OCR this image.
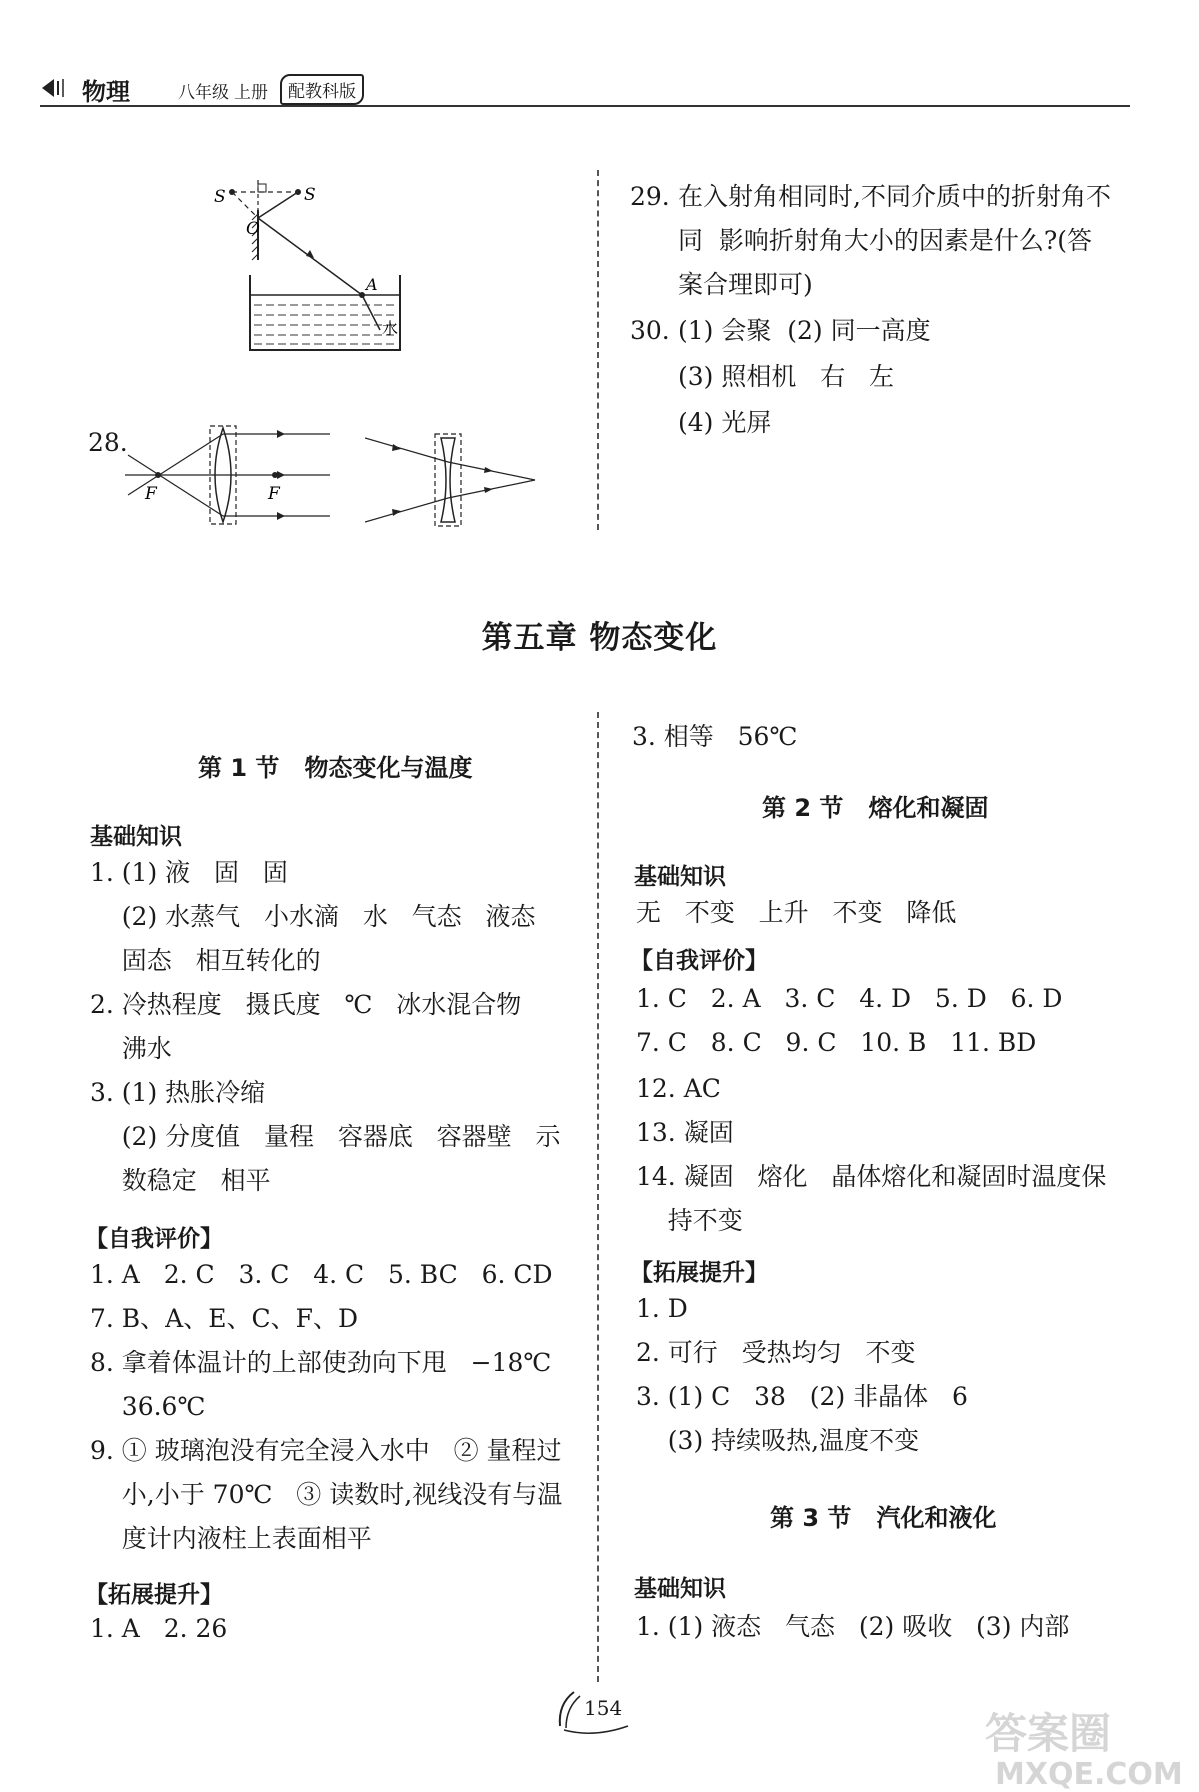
物理	八年级 上册	配教科版
S	S
O
A
水
28.
F	F
29. 在入射角相同时,不同介质中的折射角不
同  影响折射角大小的因素是什么?(答
案合理即可)
30. (1) 会聚  (2) 同一高度
(3) 照相机   右   左
(4) 光屏
第五章 物态变化
第 1 节   物态变化与温度
基础知识
1. (1) 液   固   固
(2) 水蒸气   小水滴   水   气态   液态
固态   相互转化的
2. 冷热程度   摄氏度   ℃   冰水混合物
沸水
3. (1) 热胀冷缩
(2) 分度值   量程   容器底   容器壁   示
数稳定   相平
【自我评价】
1. A   2. C   3. C   4. C   5. BC   6. CD
7. B、A、E、C、F、D
8. 拿着体温计的上部使劲向下甩   −18℃
36.6℃
9. ① 玻璃泡没有完全浸入水中   ② 量程过
小,小于 70℃   ③ 读数时,视线没有与温
度计内液柱上表面相平
【拓展提升】
1. A   2. 26
3. 相等   56℃
第 2 节   熔化和凝固
基础知识
无   不变   上升   不变   降低
【自我评价】
1. C   2. A   3. C   4. D   5. D   6. D
7. C   8. C   9. C   10. B   11. BD
12. AC
13. 凝固
14. 凝固   熔化   晶体熔化和凝固时温度保
持不变
【拓展提升】
1. D
2. 可行   受热均匀   不变
3. (1) C   38   (2) 非晶体   6
(3) 持续吸热,温度不变
第 3 节   汽化和液化
基础知识
1. (1) 液态   气态   (2) 吸收   (3) 内部
154
答案圈
MXQE.COM
